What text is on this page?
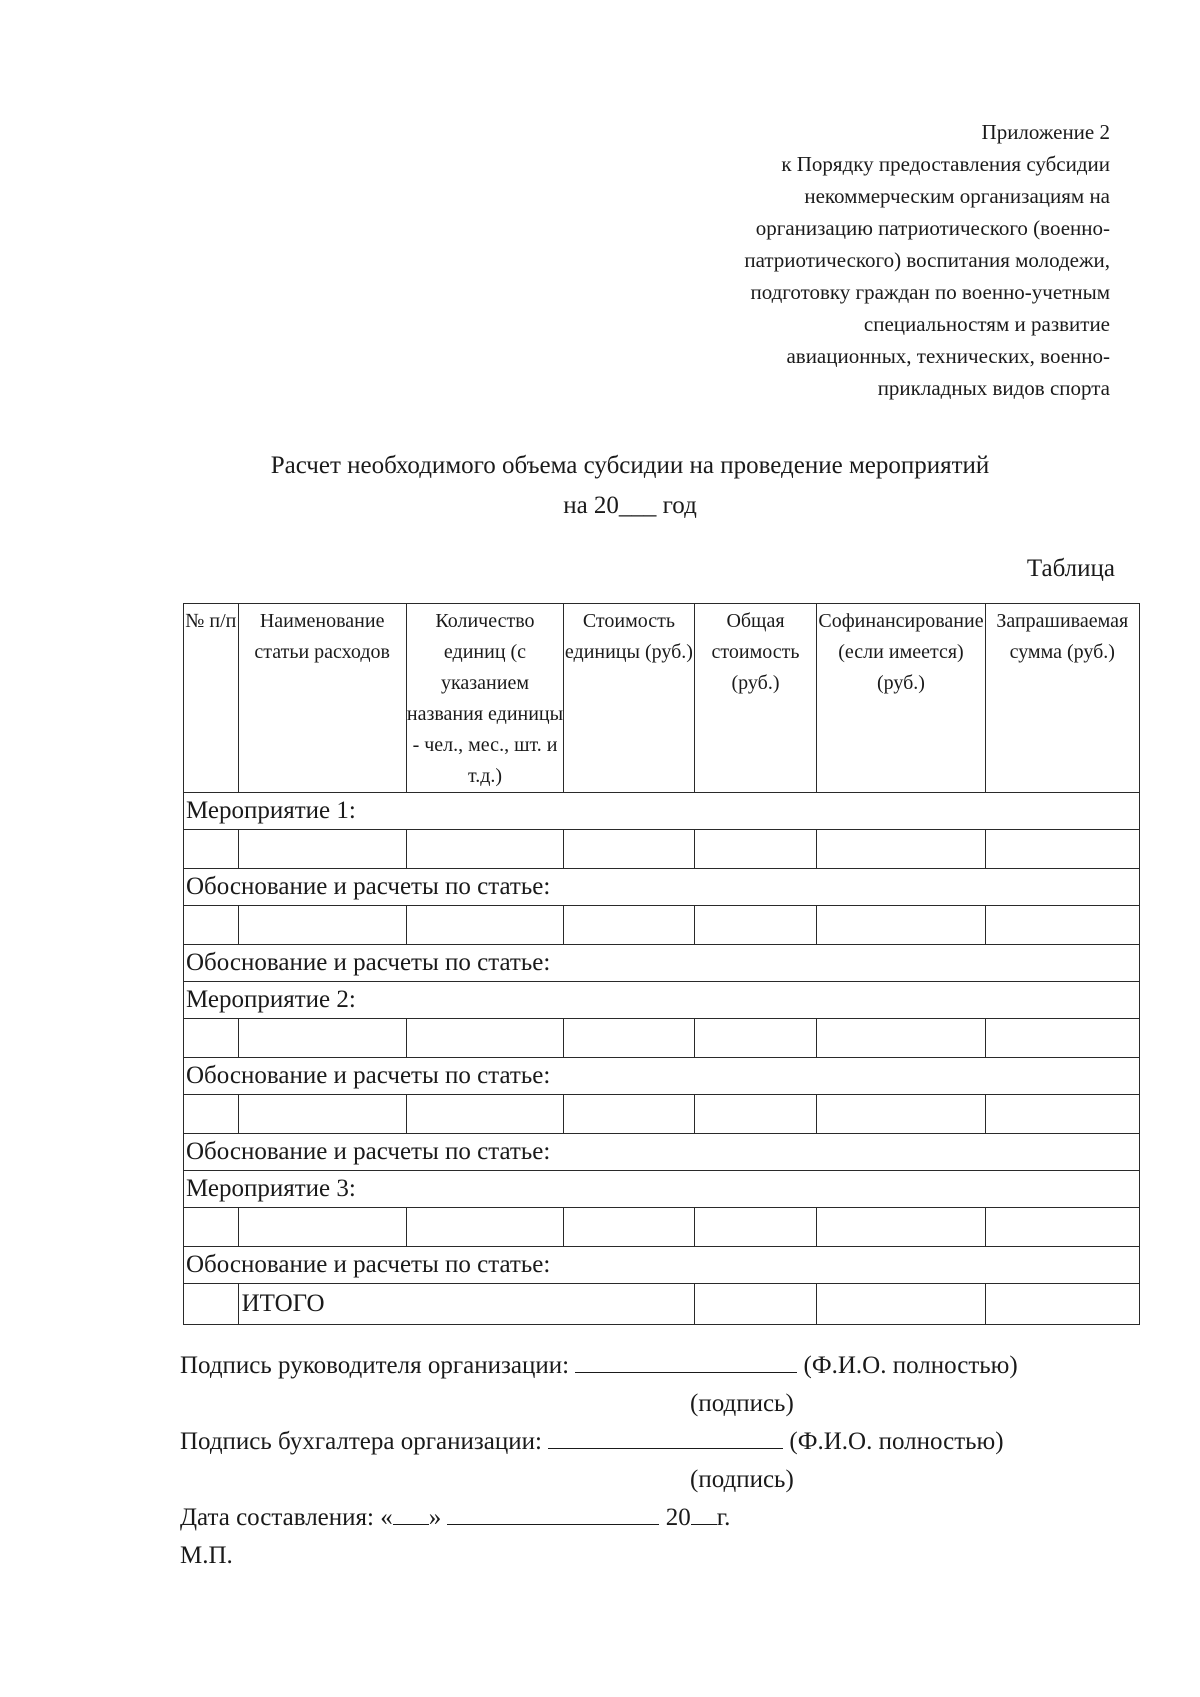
Приложение 2
к Порядку предоставления субсидии
некоммерческим организациям на
организацию патриотического (военно-
патриотического) воспитания молодежи,
подготовку граждан по военно-учетным
специальностям и развитие
авиационных, технических, военно-
прикладных видов спорта
Расчет необходимого объема субсидии на проведение мероприятий
на 20___ год
Таблица
№ п/п	Наименование статьи расходов	Количество единиц (с указанием названия единицы - чел., мес., шт. и т.д.)	Стоимость единицы (руб.)	Общая стоимость (руб.)	Софинансирование (если имеется) (руб.)	Запрашиваемая сумма (руб.)
Мероприятие 1:						

Обоснование и расчеты по статье:						

Обоснование и расчеты по статье:						
Мероприятие 2:						

Обоснование и расчеты по статье:						

Обоснование и расчеты по статье:						
Мероприятие 3:						

Обоснование и расчеты по статье:						
	ИТОГО					
Подпись руководителя организации:	(Ф.И.О. полностью)
(подпись)
Подпись бухгалтера организации:	(Ф.И.О. полностью)
(подпись)
Дата составления: « »	20 г.
М.П.
